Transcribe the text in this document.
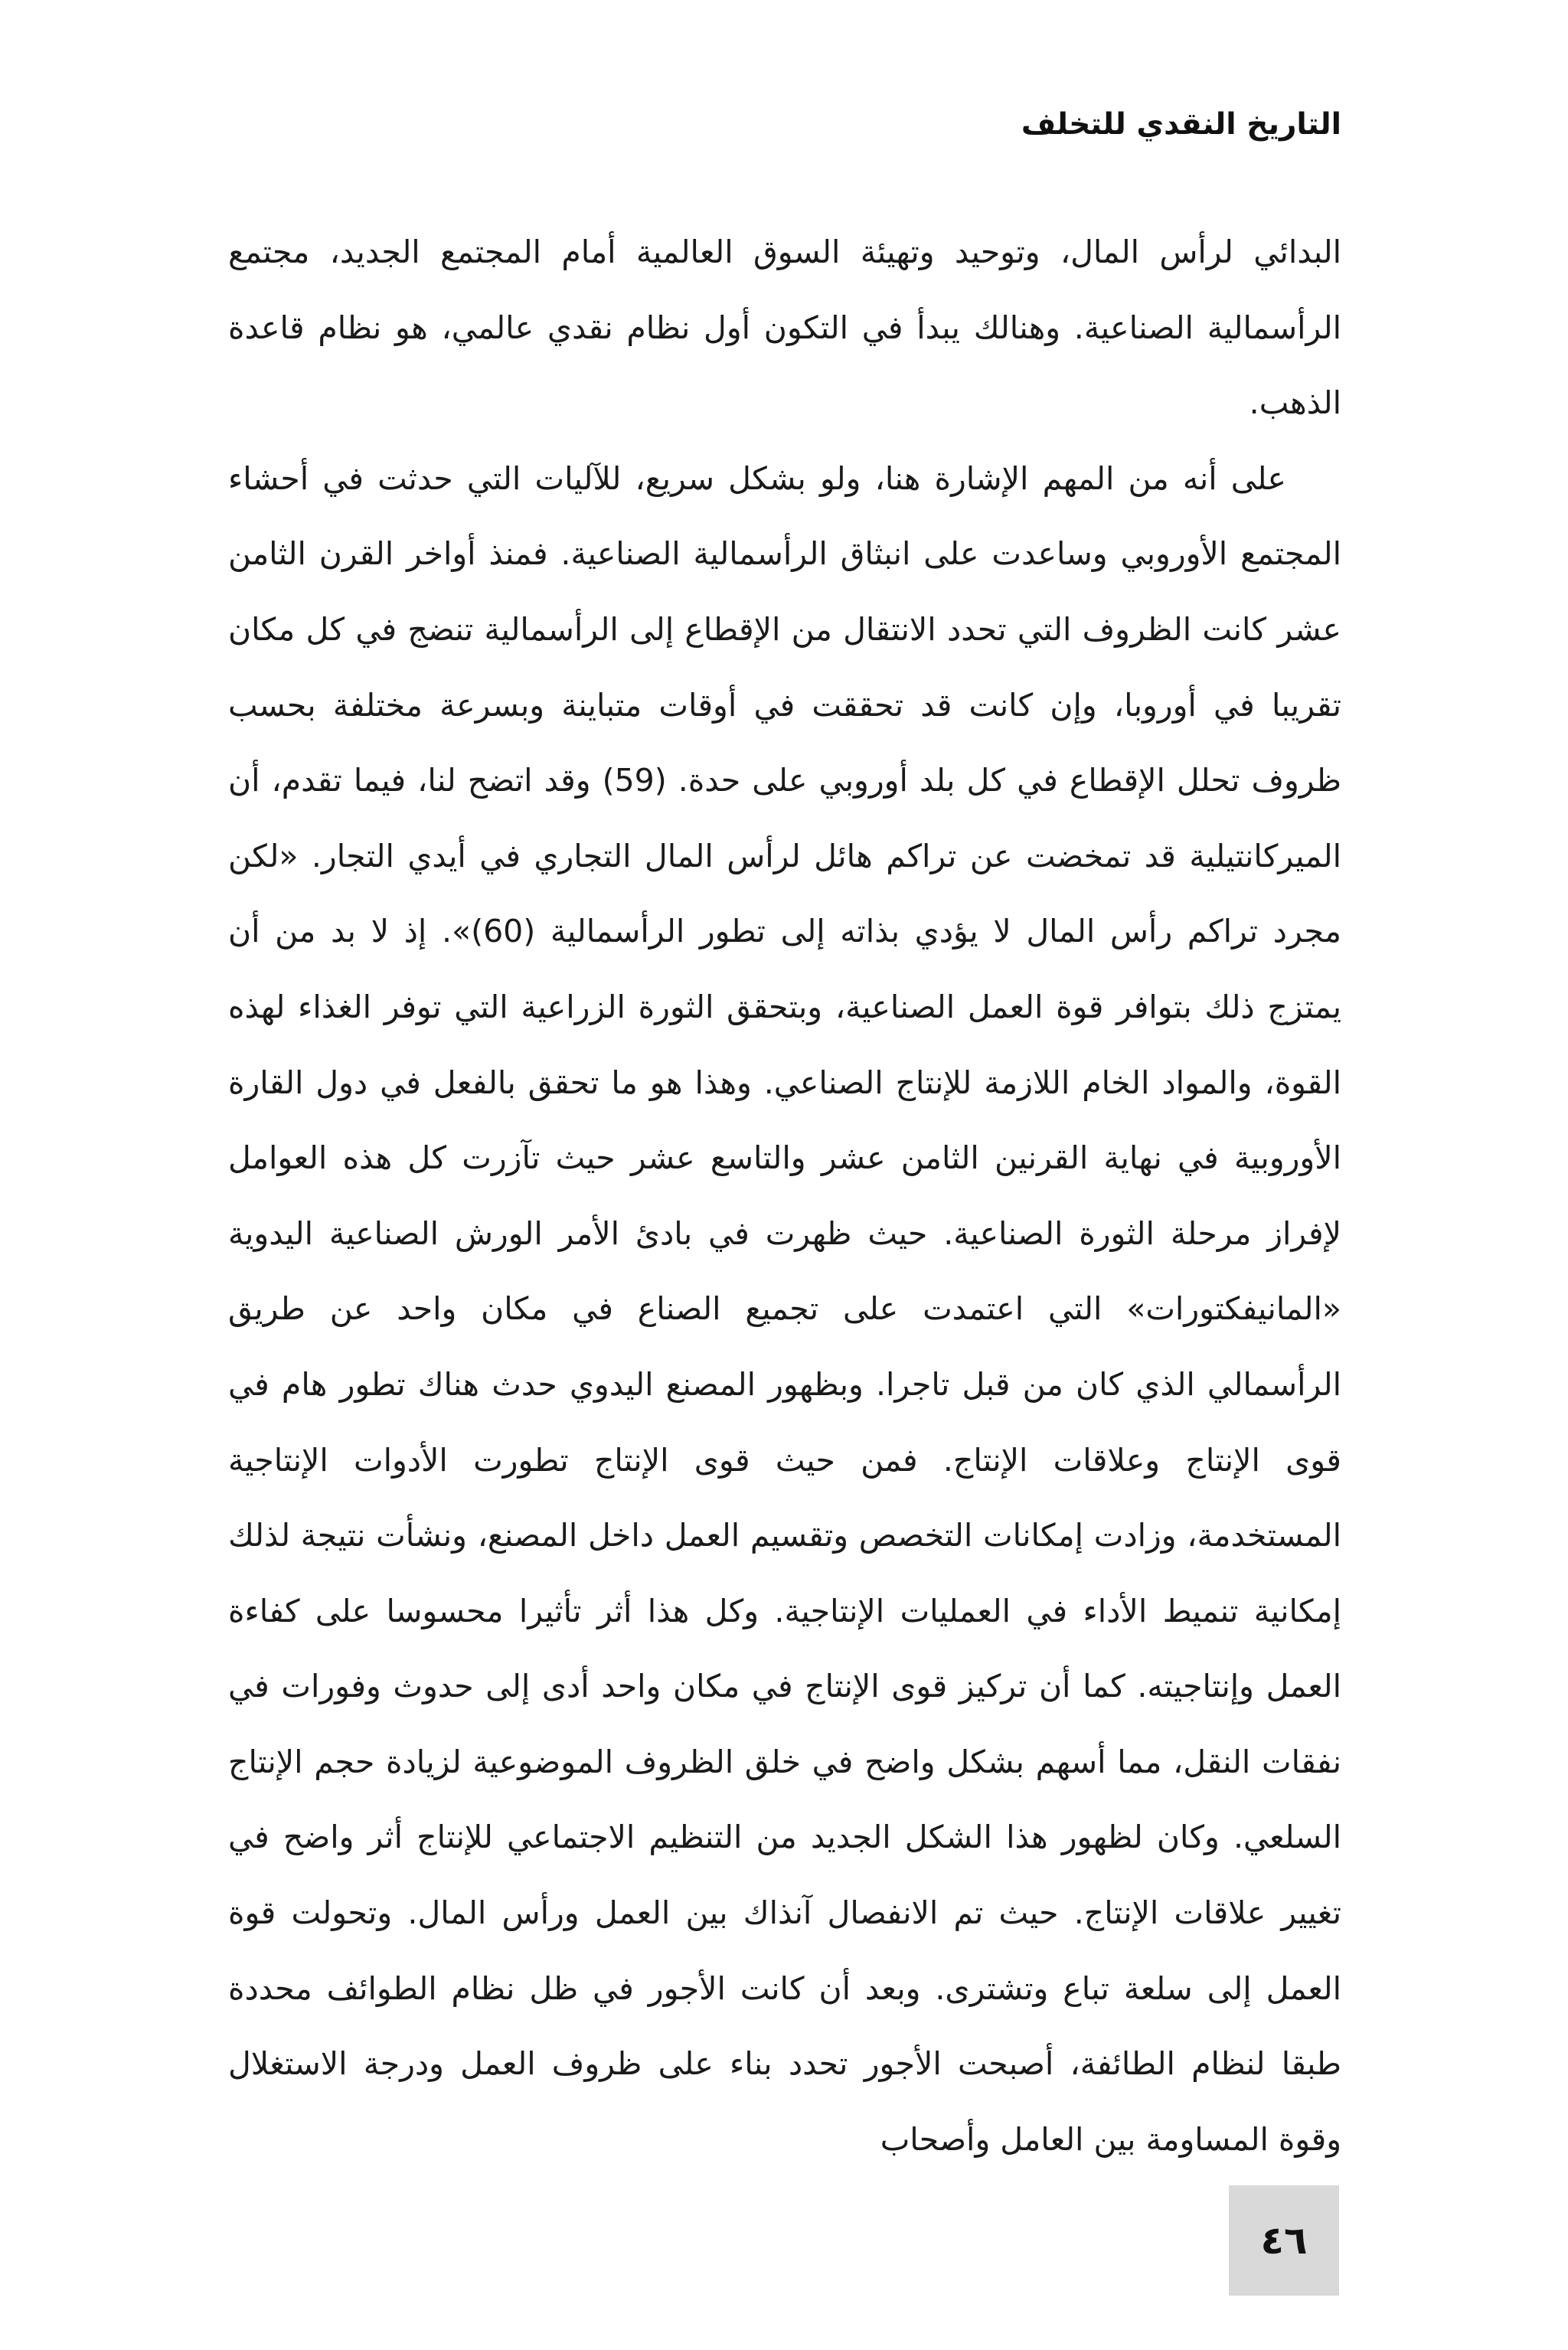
التاريخ النقدي للتخلف

البدائي لرأس المال، وتوحيد وتهيئة السوق العالمية أمام المجتمع الجديد، مجتمع الرأسمالية الصناعية. وهنالك يبدأ في التكون أول نظام نقدي عالمي، هو نظام قاعدة الذهب.

على أنه من المهم الإشارة هنا، ولو بشكل سريع، للآليات التي حدثت في أحشاء المجتمع الأوروبي وساعدت على انبثاق الرأسمالية الصناعية. فمنذ أواخر القرن الثامن عشر كانت الظروف التي تحدد الانتقال من الإقطاع إلى الرأسمالية تنضج في كل مكان تقريبا في أوروبا، وإن كانت قد تحققت في أوقات متباينة وبسرعة مختلفة بحسب ظروف تحلل الإقطاع في كل بلد أوروبي على حدة. (59) وقد اتضح لنا، فيما تقدم، أن الميركانتيلية قد تمخضت عن تراكم هائل لرأس المال التجاري في أيدي التجار. «لكن مجرد تراكم رأس المال لا يؤدي بذاته إلى تطور الرأسمالية (60)». إذ لا بد من أن يمتزج ذلك بتوافر قوة العمل الصناعية، وبتحقق الثورة الزراعية التي توفر الغذاء لهذه القوة، والمواد الخام اللازمة للإنتاج الصناعي. وهذا هو ما تحقق بالفعل في دول القارة الأوروبية في نهاية القرنين الثامن عشر والتاسع عشر حيث تآزرت كل هذه العوامل لإفراز مرحلة الثورة الصناعية. حيث ظهرت في بادئ الأمر الورش الصناعية اليدوية «المانيفكتورات» التي اعتمدت على تجميع الصناع في مكان واحد عن طريق الرأسمالي الذي كان من قبل تاجرا. وبظهور المصنع اليدوي حدث هناك تطور هام في قوى الإنتاج وعلاقات الإنتاج. فمن حيث قوى الإنتاج تطورت الأدوات الإنتاجية المستخدمة، وزادت إمكانات التخصص وتقسيم العمل داخل المصنع، ونشأت نتيجة لذلك إمكانية تنميط الأداء في العمليات الإنتاجية. وكل هذا أثر تأثيرا محسوسا على كفاءة العمل وإنتاجيته. كما أن تركيز قوى الإنتاج في مكان واحد أدى إلى حدوث وفورات في نفقات النقل، مما أسهم بشكل واضح في خلق الظروف الموضوعية لزيادة حجم الإنتاج السلعي. وكان لظهور هذا الشكل الجديد من التنظيم الاجتماعي للإنتاج أثر واضح في تغيير علاقات الإنتاج. حيث تم الانفصال آنذاك بين العمل ورأس المال. وتحولت قوة العمل إلى سلعة تباع وتشترى. وبعد أن كانت الأجور في ظل نظام الطوائف محددة طبقا لنظام الطائفة، أصبحت الأجور تحدد بناء على ظروف العمل ودرجة الاستغلال وقوة المساومة بين العامل وأصحاب

٤٦
